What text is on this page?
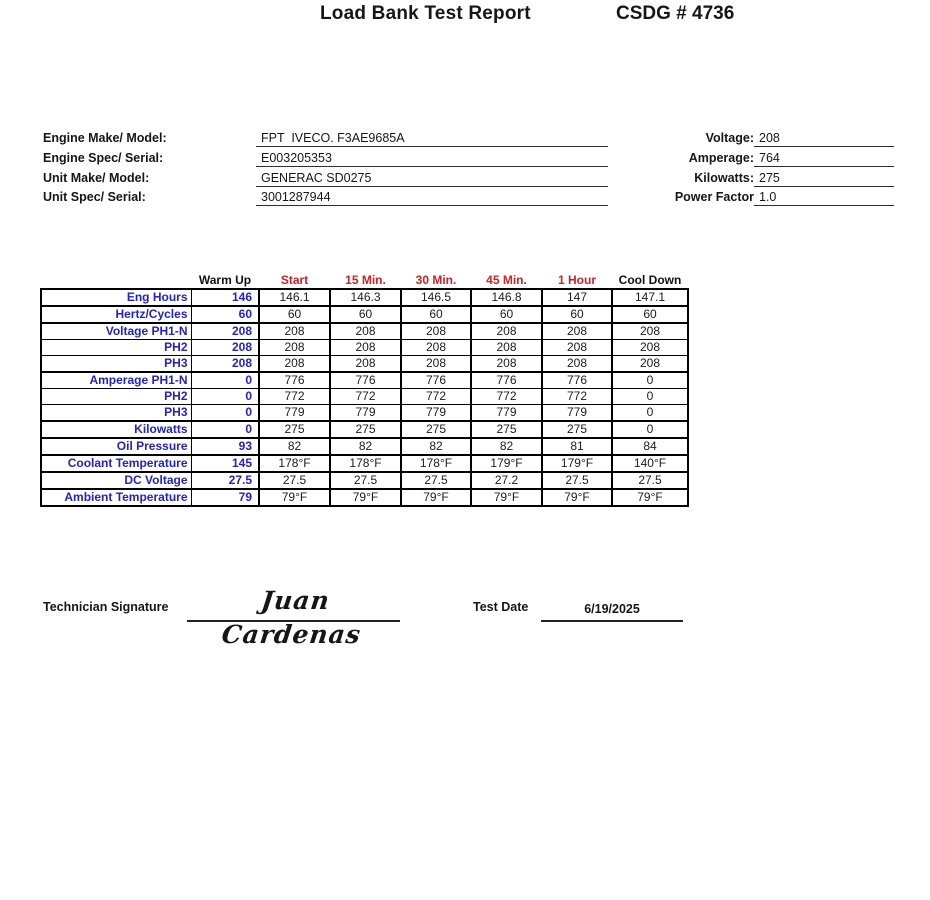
Load Bank Test Report	CSDG # 4736
Engine Make/ Model:	FPT  IVECO. F3AE9685A
Engine Spec/ Serial:	E003205353
Unit Make/ Model:	GENERAC SD0275
Unit Spec/ Serial:	3001287944
Voltage: 208
Amperage: 764
Kilowatts: 275
Power Factor 1.0
	Warm Up	Start	15 Min.	30 Min.	45 Min.	1 Hour	Cool Down
Eng Hours	146	146.1	146.3	146.5	146.8	147	147.1
Hertz/Cycles	60	60	60	60	60	60	60
Voltage PH1-N	208	208	208	208	208	208	208
PH2	208	208	208	208	208	208	208
PH3	208	208	208	208	208	208	208
Amperage PH1-N	0	776	776	776	776	776	0
PH2	0	772	772	772	772	772	0
PH3	0	779	779	779	779	779	0
Kilowatts	0	275	275	275	275	275	0
Oil Pressure	93	82	82	82	82	81	84
Coolant Temperature	145	178°F	178°F	178°F	179°F	179°F	140°F
DC Voltage	27.5	27.5	27.5	27.5	27.2	27.5	27.5
Ambient Temperature	79	79°F	79°F	79°F	79°F	79°F	79°F
Technician Signature	Juan Cardenas
Test Date	6/19/2025
